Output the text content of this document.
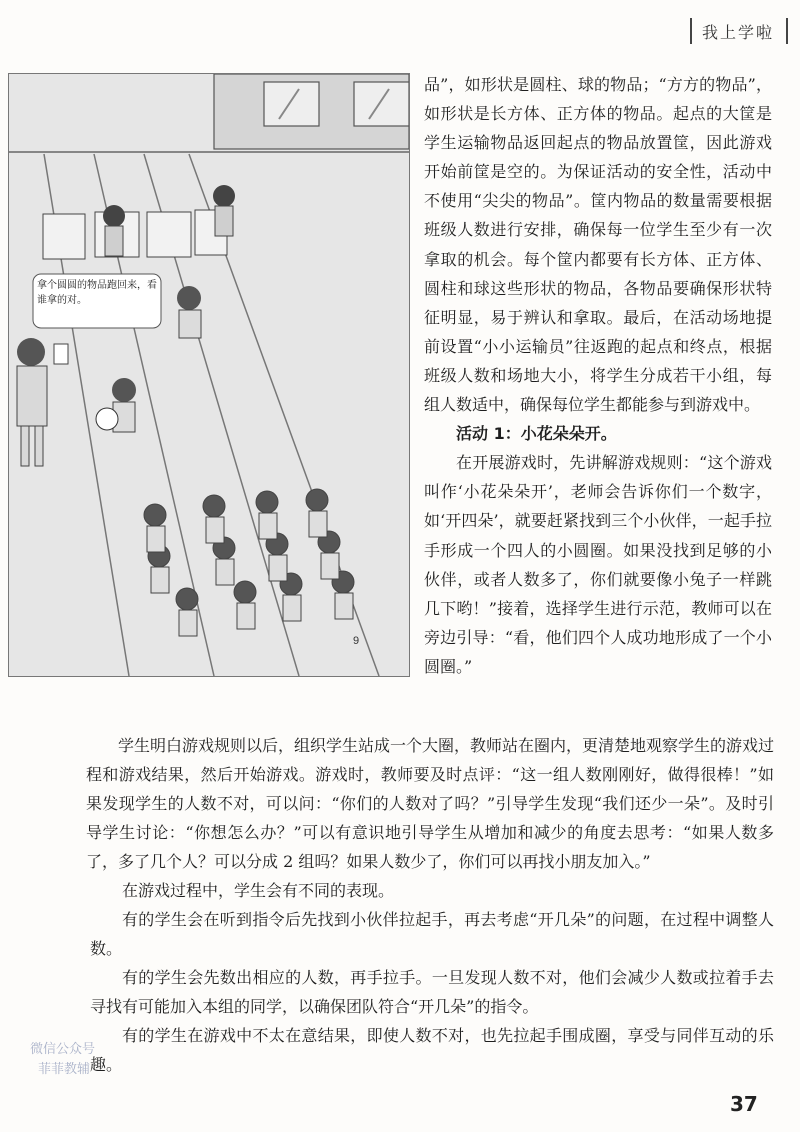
我上学啦
拿个圆圆的物品跑回来，看谁拿的对。
9

品”，如形状是圆柱、球的物品；“方方的物品”，如形状是长方体、正方体的物品。起点的大筐是学生运输物品返回起点的物品放置筐，因此游戏开始前筐是空的。为保证活动的安全性，活动中不使用“尖尖的物品”。筐内物品的数量需要根据班级人数进行安排，确保每一位学生至少有一次拿取的机会。每个筐内都要有长方体、正方体、圆柱和球这些形状的物品，各物品要确保形状特征明显，易于辨认和拿取。最后，在活动场地提前设置“小小运输员”往返跑的起点和终点，根据班级人数和场地大小，将学生分成若干小组，每组人数适中，确保每位学生都能参与到游戏中。

活动 1：小花朵朵开。

在开展游戏时，先讲解游戏规则：“这个游戏叫作‘小花朵朵开’，老师会告诉你们一个数字，如‘开四朵’，就要赶紧找到三个小伙伴，一起手拉手形成一个四人的小圆圈。如果没找到足够的小伙伴，或者人数多了，你们就要像小兔子一样跳几下哟！”接着，选择学生进行示范，教师可以在旁边引导：“看，他们四个人成功地形成了一个小圆圈。”

学生明白游戏规则以后，组织学生站成一个大圈，教师站在圈内，更清楚地观察学生的游戏过程和游戏结果，然后开始游戏。游戏时，教师要及时点评：“这一组人数刚刚好，做得很棒！”如果发现学生的人数不对，可以问：“你们的人数对了吗？”引导学生发现“我们还少一朵”。及时引导学生讨论：“你想怎么办？”可以有意识地引导学生从增加和减少的角度去思考：“如果人数多了，多了几个人？可以分成 2 组吗？如果人数少了，你们可以再找小朋友加入。”

在游戏过程中，学生会有不同的表现。

有的学生会在听到指令后先找到小伙伴拉起手，再去考虑“开几朵”的问题，在过程中调整人数。

有的学生会先数出相应的人数，再手拉手。一旦发现人数不对，他们会减少人数或拉着手去寻找有可能加入本组的同学，以确保团队符合“开几朵”的指令。

有的学生在游戏中不太在意结果，即使人数不对，也先拉起手围成圈，享受与同伴互动的乐趣。

微信公众号
菲菲教辅
37
